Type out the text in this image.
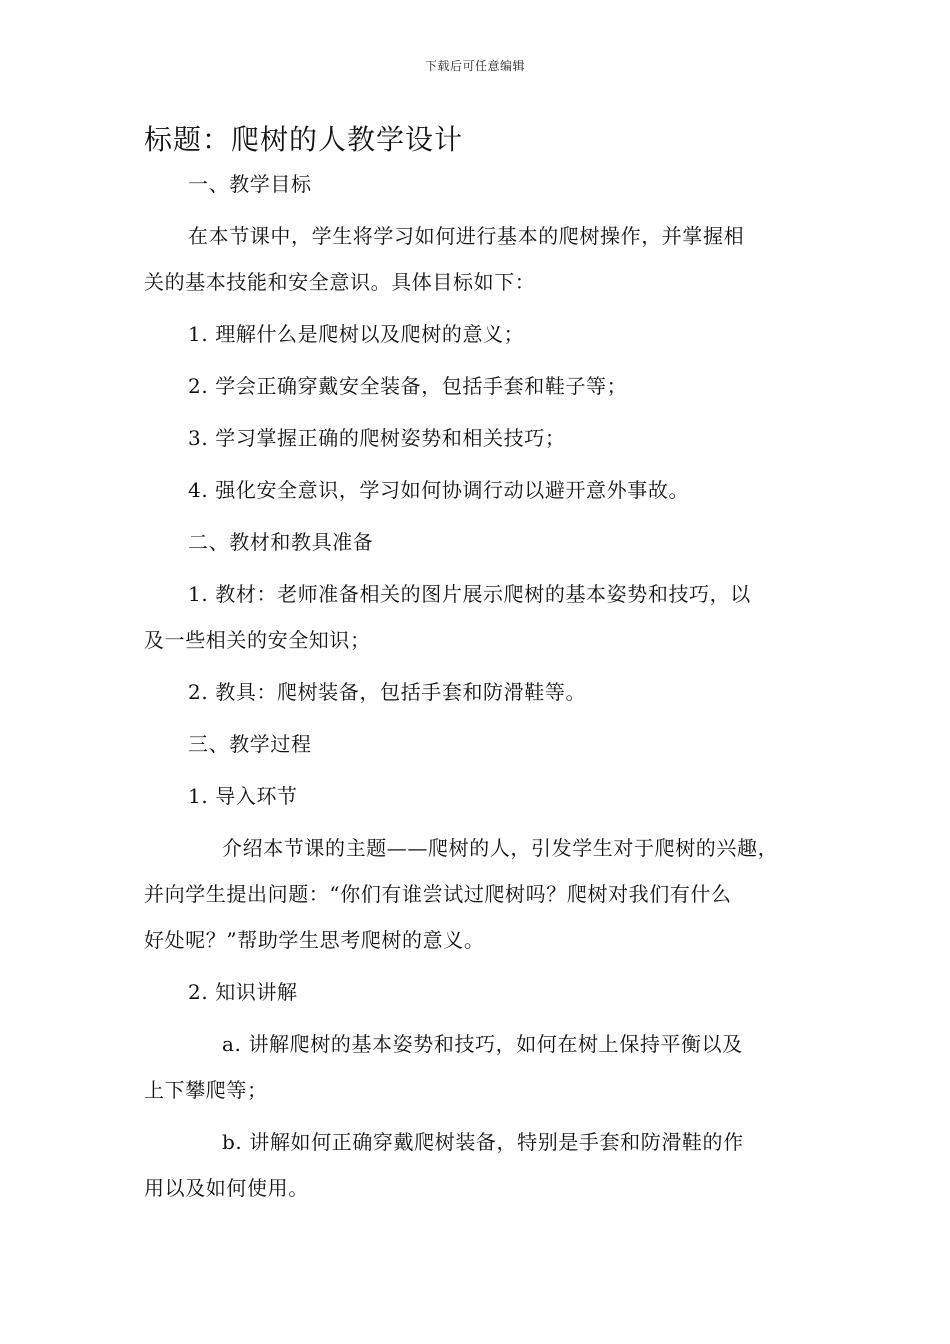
下载后可任意编辑
标题：爬树的人教学设计
一、教学目标
在本节课中，学生将学习如何进行基本的爬树操作，并掌握相
关的基本技能和安全意识。具体目标如下：
1. 理解什么是爬树以及爬树的意义；
2. 学会正确穿戴安全装备，包括手套和鞋子等；
3. 学习掌握正确的爬树姿势和相关技巧；
4. 强化安全意识，学习如何协调行动以避开意外事故。
二、教材和教具准备
1. 教材：老师准备相关的图片展示爬树的基本姿势和技巧，以
及一些相关的安全知识；
2. 教具：爬树装备，包括手套和防滑鞋等。
三、教学过程
1. 导入环节
介绍本节课的主题——爬树的人，引发学生对于爬树的兴趣，
并向学生提出问题：“你们有谁尝试过爬树吗？爬树对我们有什么
好处呢？”帮助学生思考爬树的意义。
2. 知识讲解
a. 讲解爬树的基本姿势和技巧，如何在树上保持平衡以及
上下攀爬等；
b. 讲解如何正确穿戴爬树装备，特别是手套和防滑鞋的作
用以及如何使用。
